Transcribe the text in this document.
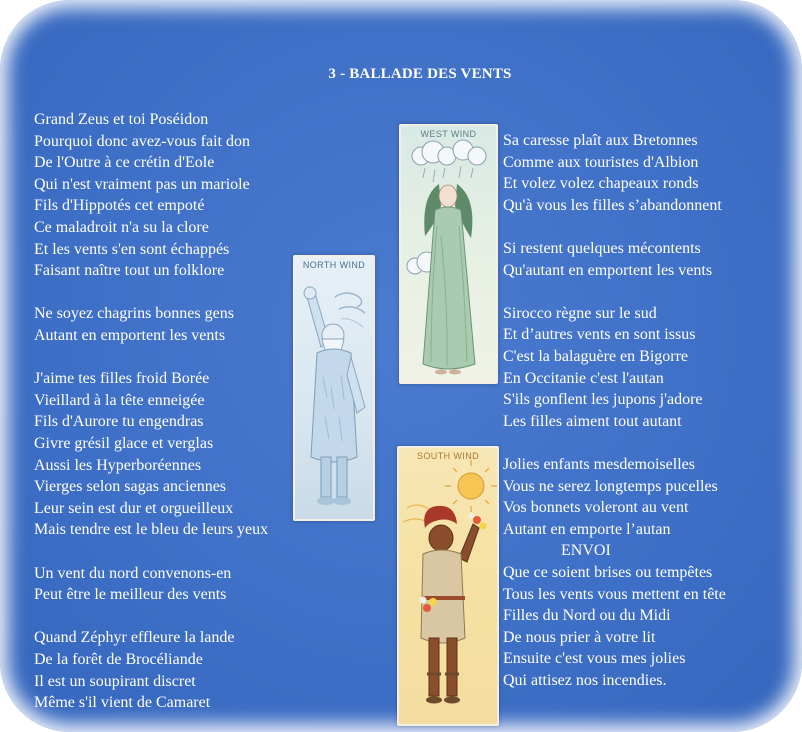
3 - BALLADE DES VENTS
Grand Zeus et toi Poséidon
Pourquoi donc avez-vous fait don
De l'Outre à ce crétin d'Eole
Qui n'est vraiment pas un mariole
Fils d'Hippotés cet empoté
Ce maladroit n'a su la clore
Et les vents s'en sont échappés
Faisant naître tout un folklore
Ne soyez chagrins bonnes gens
Autant en emportent les vents
J'aime tes filles froid Borée
Vieillard à la tête enneigée
Fils d'Aurore tu engendras
Givre grésil glace et verglas
Aussi les Hyperboréennes
Vierges selon sagas anciennes
Leur sein est dur et orgueilleux
Mais tendre est le bleu de leurs yeux
Un vent du nord convenons-en
Peut être le meilleur des vents
Quand Zéphyr effleure la lande
De la forêt de Brocéliande
Il est un soupirant discret
Même s'il vient de Camaret
Sa caresse plaît aux Bretonnes
Comme aux touristes d'Albion
Et volez volez chapeaux ronds
Qu'à vous les filles s’abandonnent
Si restent quelques mécontents
Qu'autant en emportent les vents
Sirocco règne sur le sud
Et d’autres vents en sont issus
C'est la balaguère en Bigorre
En Occitanie c'est l'autan
S'ils gonflent les jupons j'adore
Les filles aiment tout autant
Jolies enfants mesdemoiselles
Vous ne serez longtemps pucelles
Vos bonnets voleront au vent
Autant en emporte l’autan
ENVOI
Que ce soient brises ou tempêtes
Tous les vents vous mettent en tête
Filles du Nord ou du Midi
De nous prier à votre lit
Ensuite c'est vous mes jolies
Qui attisez nos incendies.
NORTH WIND
WEST WIND
SOUTH WIND
